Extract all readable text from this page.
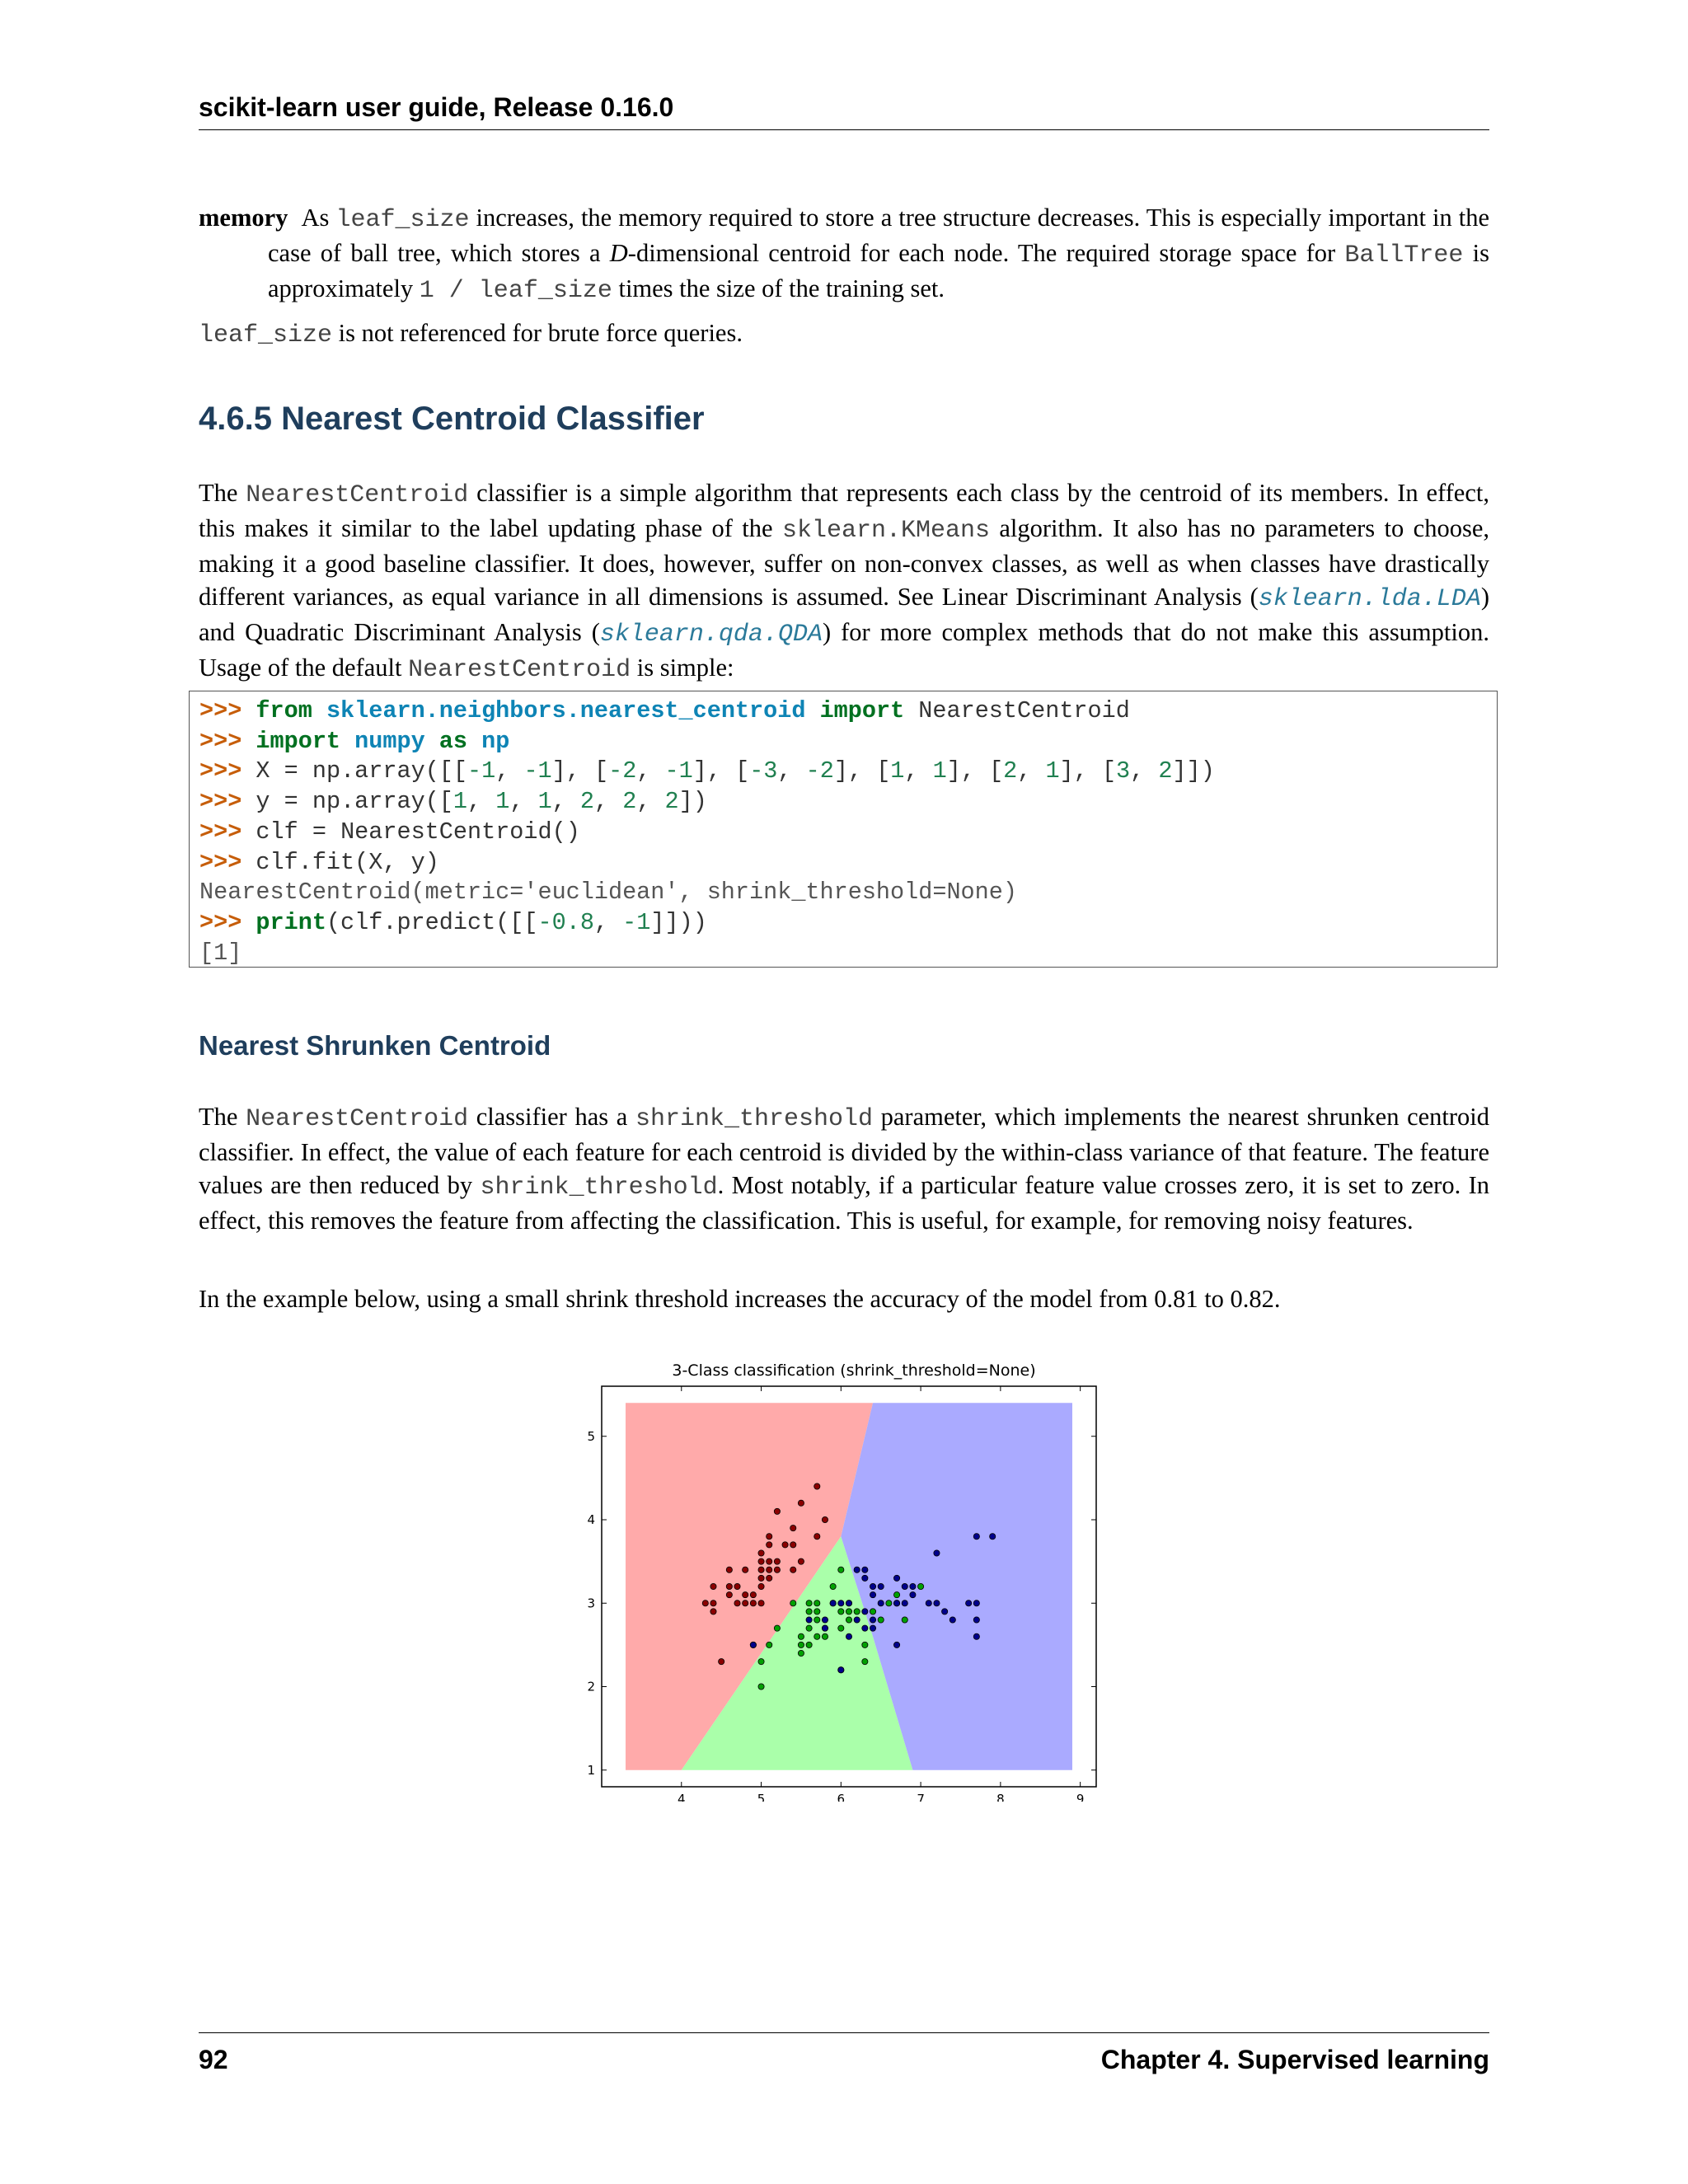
scikit-learn user guide, Release 0.16.0
memory As leaf_size increases, the memory required to store a tree structure decreases. This is especially important in the case of ball tree, which stores a D-dimensional centroid for each node. The required storage space for BallTree is approximately 1 / leaf_size times the size of the training set.
leaf_size is not referenced for brute force queries.
4.6.5 Nearest Centroid Classifier
The NearestCentroid classifier is a simple algorithm that represents each class by the centroid of its members. In effect, this makes it similar to the label updating phase of the sklearn.KMeans algorithm. It also has no parameters to choose, making it a good baseline classifier. It does, however, suffer on non-convex classes, as well as when classes have drastically different variances, as equal variance in all dimensions is assumed. See Linear Discriminant Analysis (sklearn.lda.LDA) and Quadratic Discriminant Analysis (sklearn.qda.QDA) for more complex methods that do not make this assumption. Usage of the default NearestCentroid is simple:
>>> from sklearn.neighbors.nearest_centroid import NearestCentroid
>>> import numpy as np
>>> X = np.array([[-1, -1], [-2, -1], [-3, -2], [1, 1], [2, 1], [3, 2]])
>>> y = np.array([1, 1, 1, 2, 2, 2])
>>> clf = NearestCentroid()
>>> clf.fit(X, y)
NearestCentroid(metric='euclidean', shrink_threshold=None)
>>> print(clf.predict([[-0.8, -1]]))
[1]
Nearest Shrunken Centroid
The NearestCentroid classifier has a shrink_threshold parameter, which implements the nearest shrunken centroid classifier. In effect, the value of each feature for each centroid is divided by the within-class variance of that feature. The feature values are then reduced by shrink_threshold. Most notably, if a particular feature value crosses zero, it is set to zero. In effect, this removes the feature from affecting the classification. This is useful, for example, for removing noisy features.
In the example below, using a small shrink threshold increases the accuracy of the model from 0.81 to 0.82.
92	Chapter 4. Supervised learning
3-Class classification (shrink_threshold=None)
4	5	6	7	8	9
1
2
3
4
5
